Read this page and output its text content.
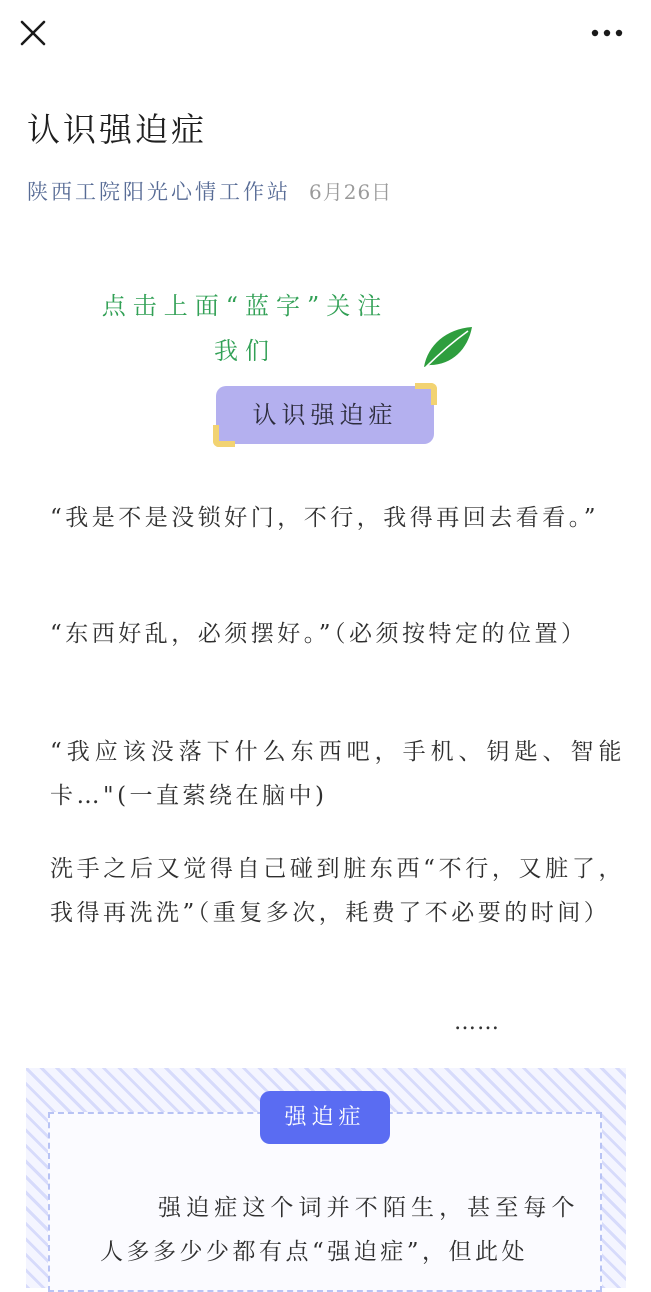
认识强迫症
陕西工院阳光心情工作站 6月26日
点击上面“蓝字”关注
我们
认识强迫症

“我是不是没锁好门，不行，我得再回去看看。”

“东西好乱，必须摆好。”（必须按特定的位置）

“我应该没落下什么东西吧，手机、钥匙、智能卡…"(一直萦绕在脑中)

洗手之后又觉得自己碰到脏东西“不行，又脏了，我得再洗洗”（重复多次，耗费了不必要的时间）

……
强迫症

强迫症这个词并不陌生，甚至每个人多多少少都有点“强迫症”，但此处
